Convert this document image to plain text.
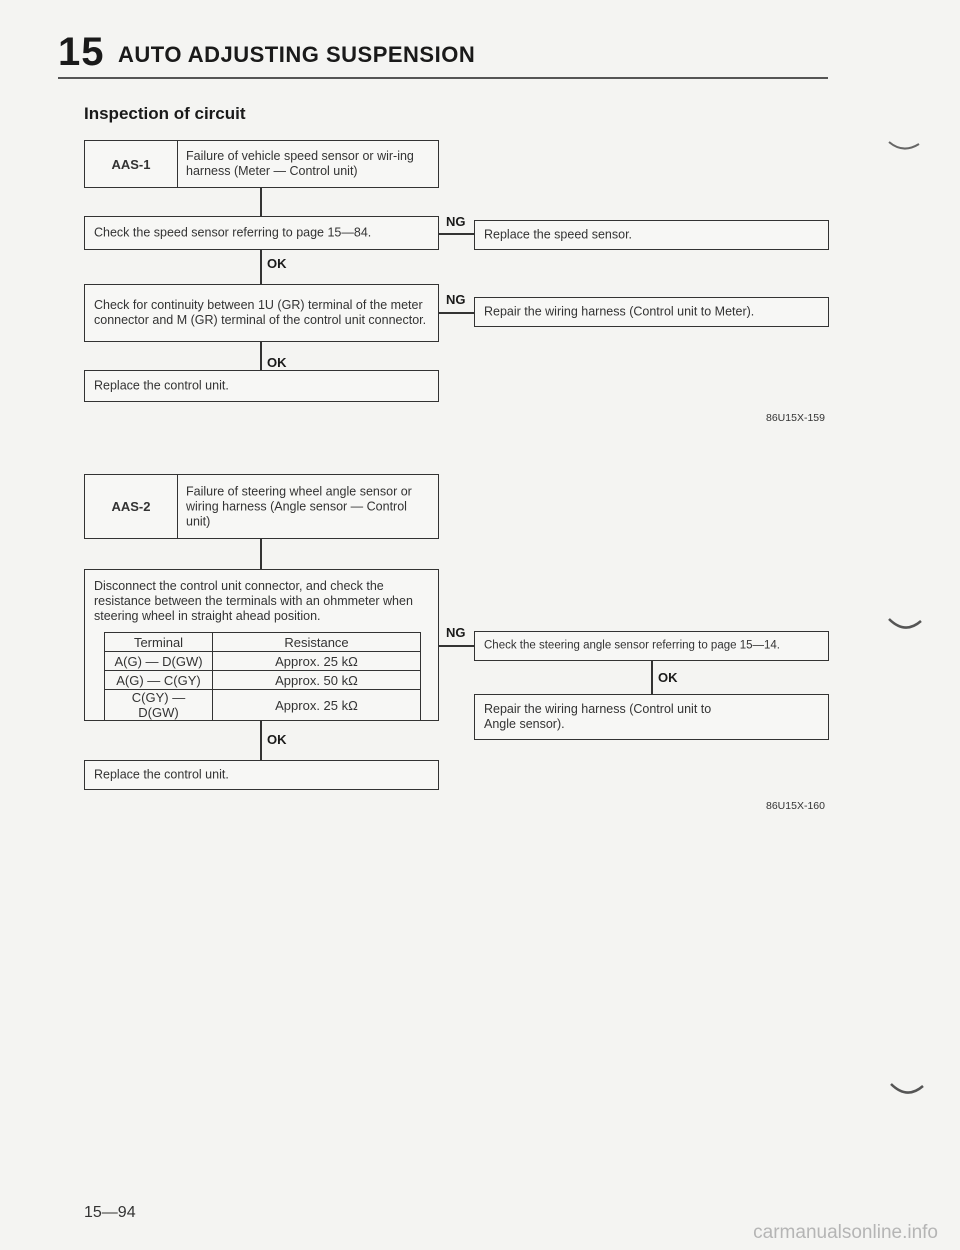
15 AUTO ADJUSTING SUSPENSION
Inspection of circuit
AAS-1
Failure of vehicle speed sensor or wir-ing harness (Meter — Control unit)
Check the speed sensor referring to page 15—84.
NG
Replace the speed sensor.
OK
Check for continuity between 1U (GR) terminal of the meter connector and M (GR) terminal of the control unit connector.
NG
Repair the wiring harness (Control unit to Meter).
OK
Replace the control unit.
86U15X-159
AAS-2
Failure of steering wheel angle sensor or wiring harness (Angle sensor — Control unit)
Disconnect the control unit connector, and check the resistance between the terminals with an ohmmeter when steering wheel in straight ahead position.
Terminal	Resistance
A(G) — D(GW)	Approx. 25 kΩ
A(G) — C(GY)	Approx. 50 kΩ
C(GY) — D(GW)	Approx. 25 kΩ
NG
Check the steering angle sensor referring to page 15—14.
OK
Repair the wiring harness (Control unit to Angle sensor).
OK
Replace the control unit.
86U15X-160
15—94
carmanualsonline.info
